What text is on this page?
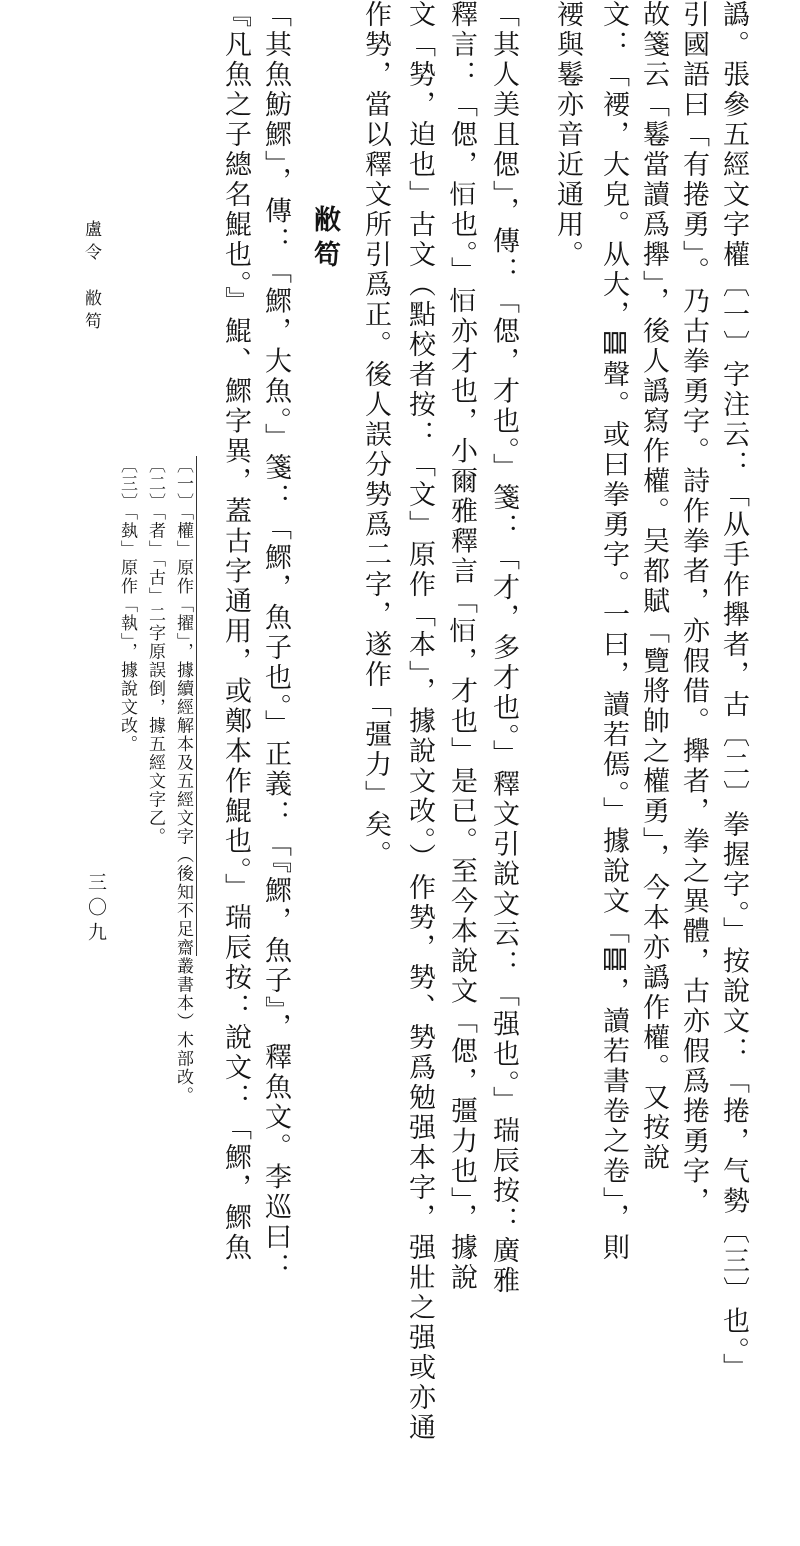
譌。張參五經文字權〔一〕字注云：「从手作攑者，古〔二〕拳握字。」按說文：「捲，气勢〔三〕也。」
引國語曰「有捲勇」。乃古拳勇字。詩作拳者，亦假借。攑者，拳之異體，古亦假爲捲勇字，
故箋云「鬈當讀爲攑」，後人譌寫作權。吴都賦「覽將帥之權勇」，今本亦譌作權。又按說
文：「䙅，大皃。从大，𠱠聲。或曰拳勇字。一曰，讀若傿。」據說文「𠱠，讀若書卷之卷」，則
䙅與鬈亦音近通用。
「其人美且偲」，傳：「偲，才也。」箋：「才，多才也。」釋文引說文云：「强也。」瑞辰按：廣雅
釋言：「偲，𢘆也。」𢘆亦才也，小爾雅釋言「𢘆，才也」是已。至今本說文「偲，彊力也」，據說
文「㔟，迫也」古文（點校者按：「文」原作「本」，據說文改。）作㔟，㔟、㔟爲勉强本字，强壯之强或亦通
作㔟，當以釋文所引爲正。後人誤分㔟爲二字，遂作「彊力」矣。
敝笱
「其魚魴鰥」，傳：「鰥，大魚。」箋：「鰥，魚子也。」正義：「『鰥，魚子』，釋魚文。李巡曰：
『凡魚之子總名鯤也。』鯤、鰥字異，蓋古字通用，或鄭本作鯤也。」瑞辰按：說文：「鰥，鰥魚
〔一〕「權」原作「擢」，據續經解本及五經文字（後知不足齋叢書本）木部改。
〔二〕「者」「古」二字原誤倒，據五經文字乙。
〔三〕「埶」原作「執」，據說文改。
盧令　敝笱
三〇九
